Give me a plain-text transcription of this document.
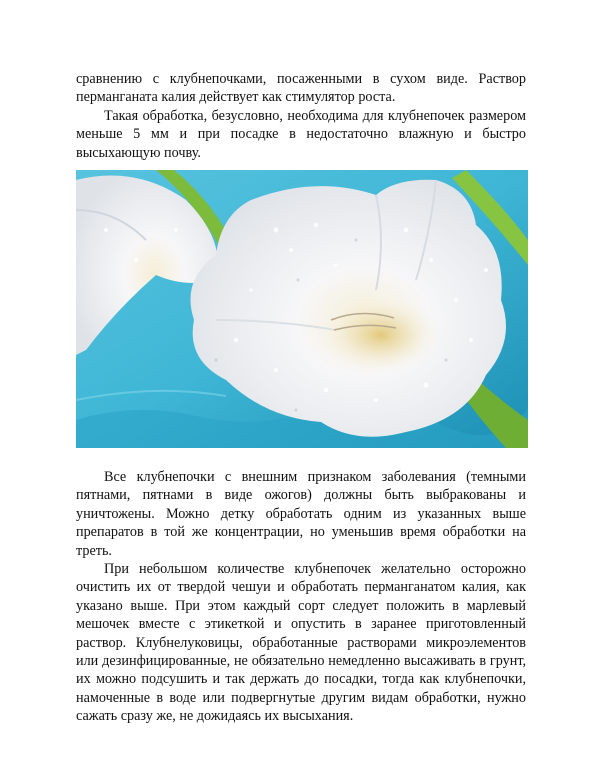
сравнению с клубнепочками, посаженными в сухом виде. Раствор перманганата калия действует как стимулятор роста.

Такая обработка, безусловно, необходима для клубнепочек размером меньше 5 мм и при посадке в недостаточно влажную и быстро высыхающую почву.

Все клубнепочки с внешним признаком заболевания (темными пятнами, пятнами в виде ожогов) должны быть выбракованы и уничтожены. Можно детку обработать одним из указанных выше препаратов в той же концентрации, но уменьшив время обработки на треть.

При небольшом количестве клубнепочек желательно осторожно очистить их от твердой чешуи и обработать перманганатом калия, как указано выше. При этом каждый сорт следует положить в марлевый мешочек вместе с этикеткой и опустить в заранее приготовленный раствор. Клубнелуковицы, обработанные растворами микроэлементов или дезинфицированные, не обязательно немедленно высаживать в грунт, их можно подсушить и так держать до посадки, тогда как клубнепочки, намоченные в воде или подвергнутые другим видам обработки, нужно сажать сразу же, не дожидаясь их высыхания.
